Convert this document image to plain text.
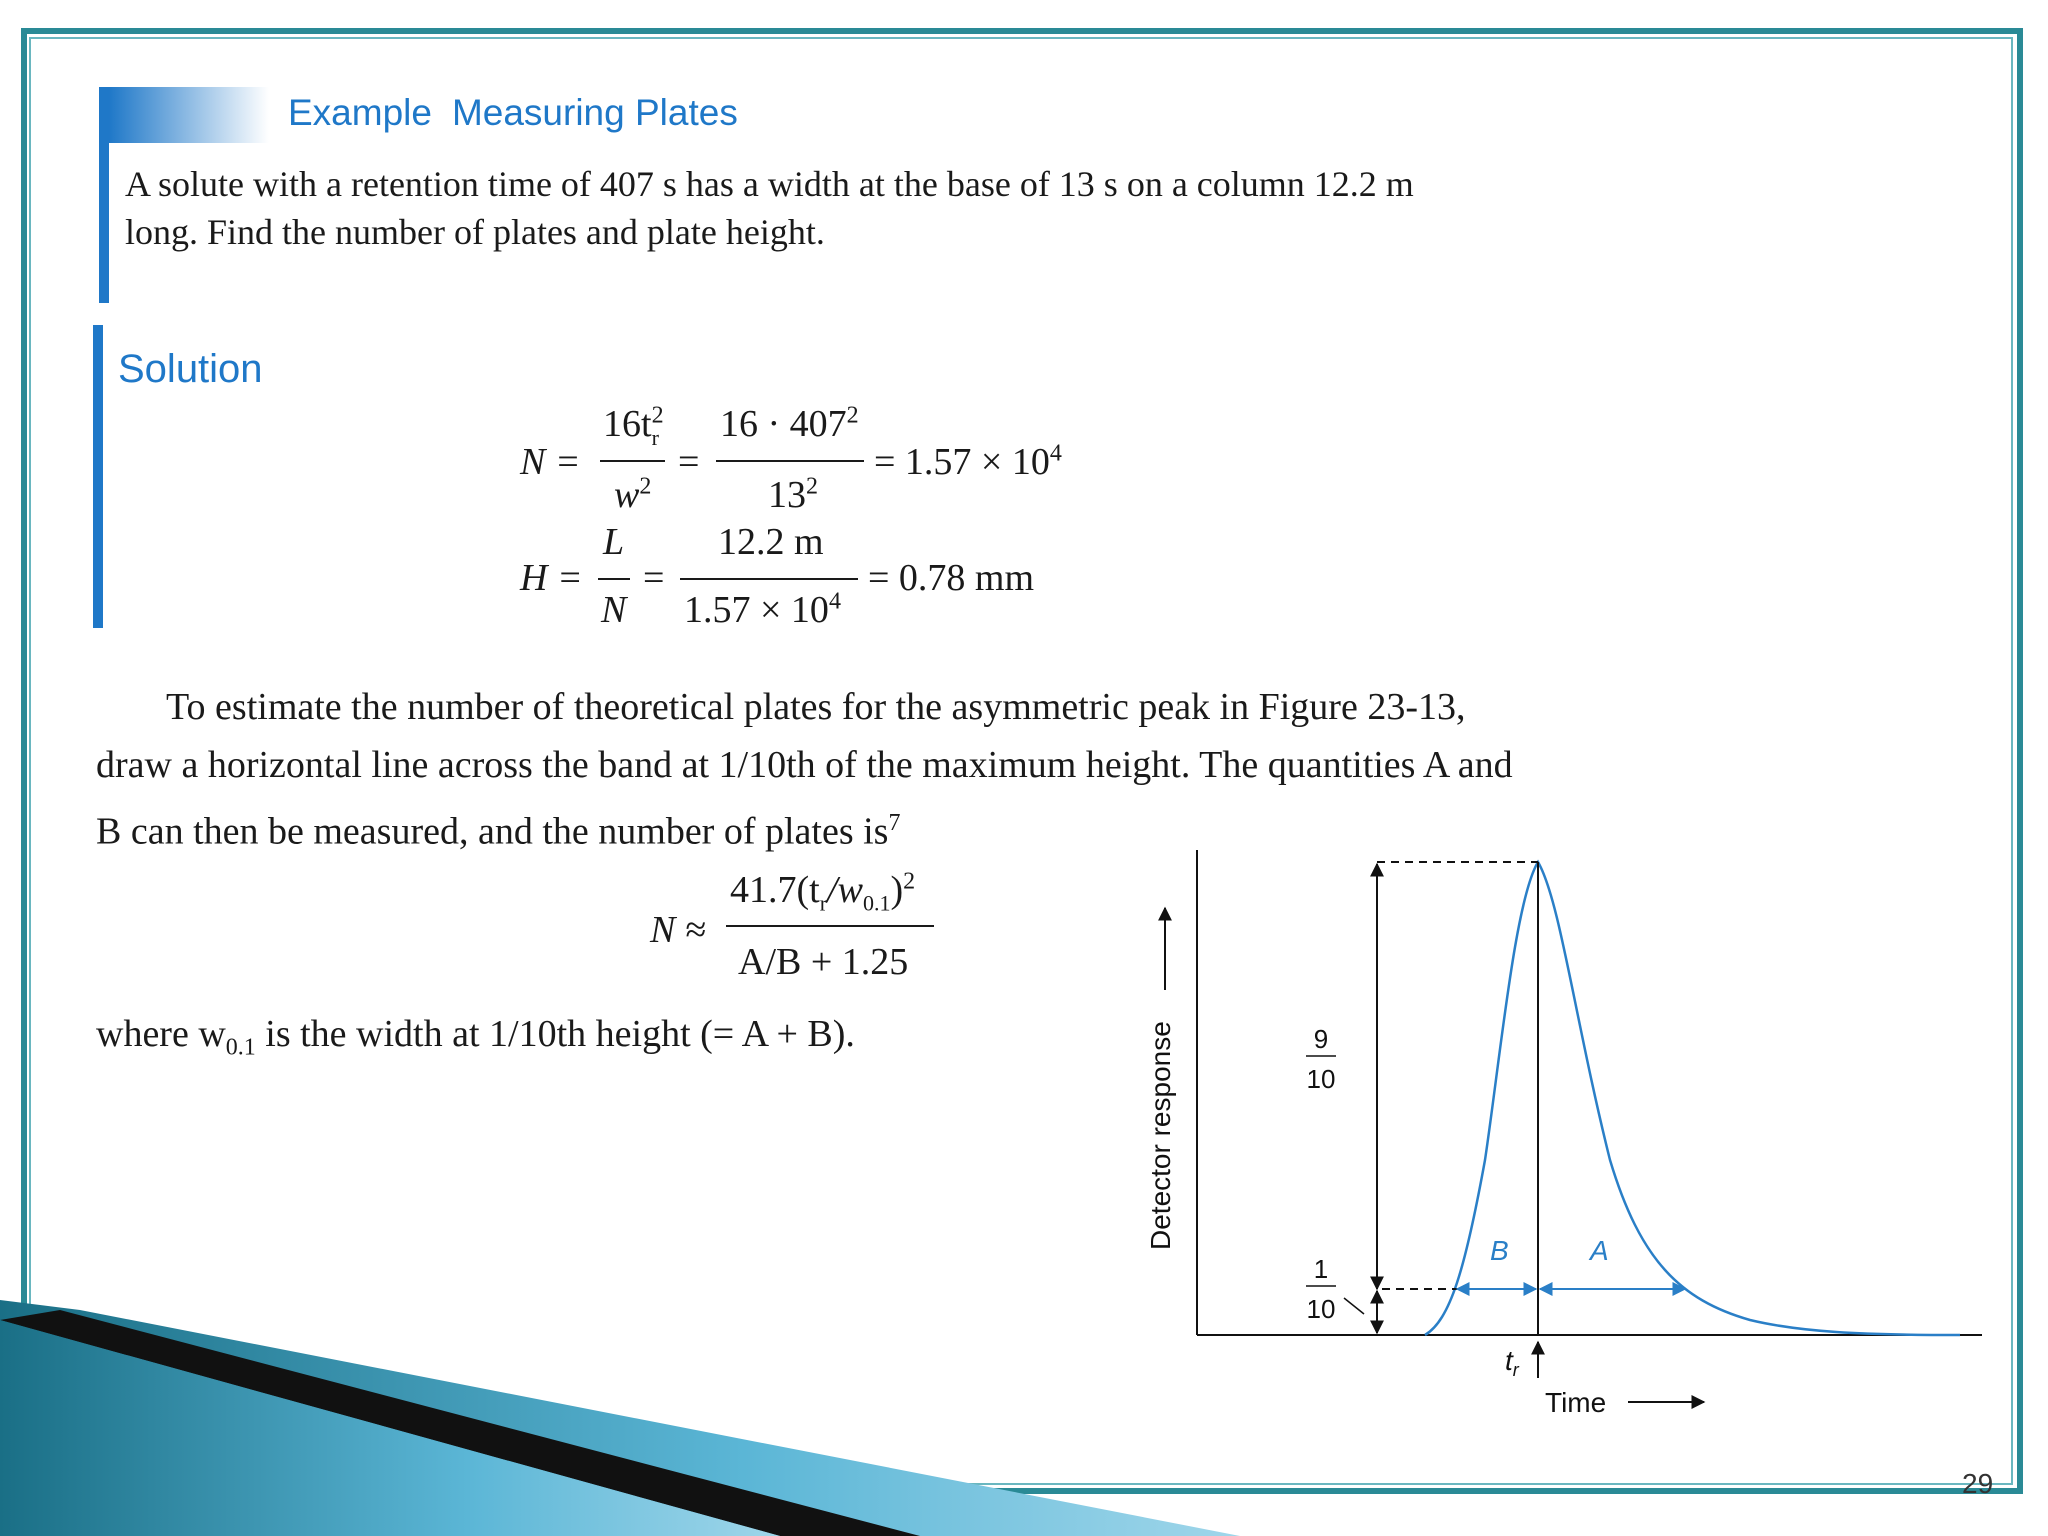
Example Measuring Plates
A solute with a retention time of 407 s has a width at the base of 13 s on a column 12.2 m
long. Find the number of plates and plate height.
Solution
N =
$16t^2_r$
$w^2$
=
$16 \cdot 407^2$
$13^2$
= $1.57 \times 10^4$
H =
L
N
=
12.2 m
$1.57 \times 10^4$
= 0.78 mm
To estimate the number of theoretical plates for the asymmetric peak in Figure 23-13,
draw a horizontal line across the band at 1/10th of the maximum height. The quantities A and
B can then be measured, and the number of plates $is^7$
N ≈
$41.7(t_r/w_{0.1})^2$
A/B + 1.25
where $w_{0.1}$ is the width at 1/10th height (= A + B).	Detector response
B	A
9
10
1
10
$t_r$
Time
29
